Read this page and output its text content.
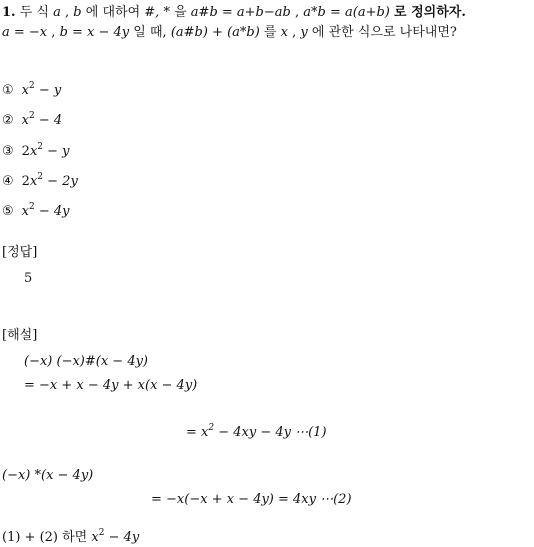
1. 두 식 a , b 에 대하여 #, * 을 a#b = a+b−ab , a*b = a(a+b) 로 정의하자.
a = −x , b = x − 4y 일 때, (a#b) + (a*b) 를 x , y 에 관한 식으로 나타내면?
① $x^2 - y$
② $x^2 - 4$
③ $2x^2 - y$
④ $2x^2 - 2y$
⑤ $x^2 - 4y$
[정답]
5
[해설]
(−x) (−x)#(x − 4y)
= −x + x − 4y + x(x − 4y)
= $x^2 - 4xy - 4y$ ⋯(1)
(−x) *(x − 4y)
= −x(−x + x − 4y) = 4xy ⋯(2)
(1) + (2) 하면 $x^2 - 4y$
